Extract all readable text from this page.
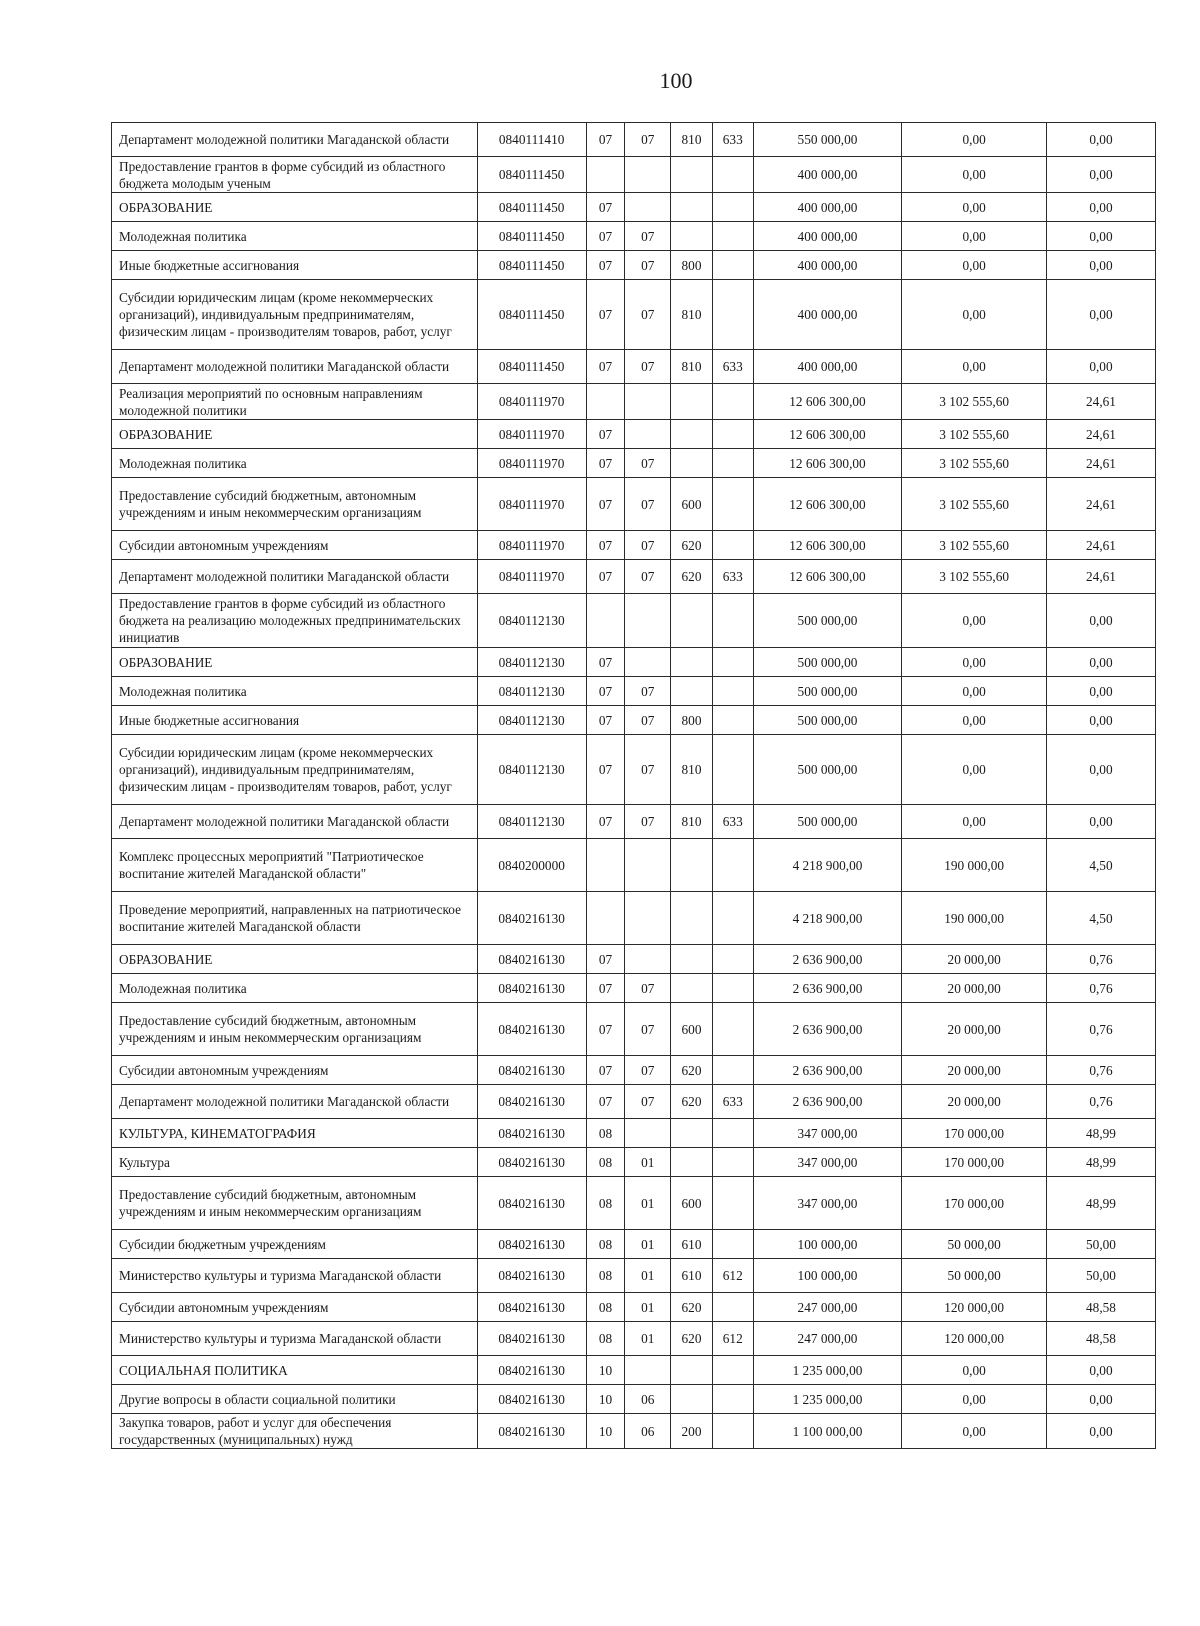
100
Департамент молодежной политики Магаданской области	0840111410	07	07	810	633	550 000,00	0,00	0,00
Предоставление грантов в форме субсидий из областного бюджета молодым ученым	0840111450					400 000,00	0,00	0,00
ОБРАЗОВАНИЕ	0840111450	07				400 000,00	0,00	0,00
Молодежная политика	0840111450	07	07			400 000,00	0,00	0,00
Иные бюджетные ассигнования	0840111450	07	07	800		400 000,00	0,00	0,00
Субсидии юридическим лицам (кроме некоммерческих организаций), индивидуальным предпринимателям, физическим лицам - производителям товаров, работ, услуг	0840111450	07	07	810		400 000,00	0,00	0,00
Департамент молодежной политики Магаданской области	0840111450	07	07	810	633	400 000,00	0,00	0,00
Реализация мероприятий по основным направлениям молодежной политики	0840111970					12 606 300,00	3 102 555,60	24,61
ОБРАЗОВАНИЕ	0840111970	07				12 606 300,00	3 102 555,60	24,61
Молодежная политика	0840111970	07	07			12 606 300,00	3 102 555,60	24,61
Предоставление субсидий бюджетным, автономным учреждениям и иным некоммерческим организациям	0840111970	07	07	600		12 606 300,00	3 102 555,60	24,61
Субсидии автономным учреждениям	0840111970	07	07	620		12 606 300,00	3 102 555,60	24,61
Департамент молодежной политики Магаданской области	0840111970	07	07	620	633	12 606 300,00	3 102 555,60	24,61
Предоставление грантов в форме субсидий из областного бюджета на реализацию молодежных предпринимательских инициатив	0840112130					500 000,00	0,00	0,00
ОБРАЗОВАНИЕ	0840112130	07				500 000,00	0,00	0,00
Молодежная политика	0840112130	07	07			500 000,00	0,00	0,00
Иные бюджетные ассигнования	0840112130	07	07	800		500 000,00	0,00	0,00
Субсидии юридическим лицам (кроме некоммерческих организаций), индивидуальным предпринимателям, физическим лицам - производителям товаров, работ, услуг	0840112130	07	07	810		500 000,00	0,00	0,00
Департамент молодежной политики Магаданской области	0840112130	07	07	810	633	500 000,00	0,00	0,00
Комплекс процессных мероприятий "Патриотическое воспитание жителей Магаданской области"	0840200000					4 218 900,00	190 000,00	4,50
Проведение мероприятий, направленных на патриотическое воспитание жителей Магаданской области	0840216130					4 218 900,00	190 000,00	4,50
ОБРАЗОВАНИЕ	0840216130	07				2 636 900,00	20 000,00	0,76
Молодежная политика	0840216130	07	07			2 636 900,00	20 000,00	0,76
Предоставление субсидий бюджетным, автономным учреждениям и иным некоммерческим организациям	0840216130	07	07	600		2 636 900,00	20 000,00	0,76
Субсидии автономным учреждениям	0840216130	07	07	620		2 636 900,00	20 000,00	0,76
Департамент молодежной политики Магаданской области	0840216130	07	07	620	633	2 636 900,00	20 000,00	0,76
КУЛЬТУРА, КИНЕМАТОГРАФИЯ	0840216130	08				347 000,00	170 000,00	48,99
Культура	0840216130	08	01			347 000,00	170 000,00	48,99
Предоставление субсидий бюджетным, автономным учреждениям и иным некоммерческим организациям	0840216130	08	01	600		347 000,00	170 000,00	48,99
Субсидии бюджетным учреждениям	0840216130	08	01	610		100 000,00	50 000,00	50,00
Министерство культуры и туризма Магаданской области	0840216130	08	01	610	612	100 000,00	50 000,00	50,00
Субсидии автономным учреждениям	0840216130	08	01	620		247 000,00	120 000,00	48,58
Министерство культуры и туризма Магаданской области	0840216130	08	01	620	612	247 000,00	120 000,00	48,58
СОЦИАЛЬНАЯ ПОЛИТИКА	0840216130	10				1 235 000,00	0,00	0,00
Другие вопросы в области социальной политики	0840216130	10	06			1 235 000,00	0,00	0,00
Закупка товаров, работ и услуг для обеспечения государственных (муниципальных) нужд	0840216130	10	06	200		1 100 000,00	0,00	0,00
